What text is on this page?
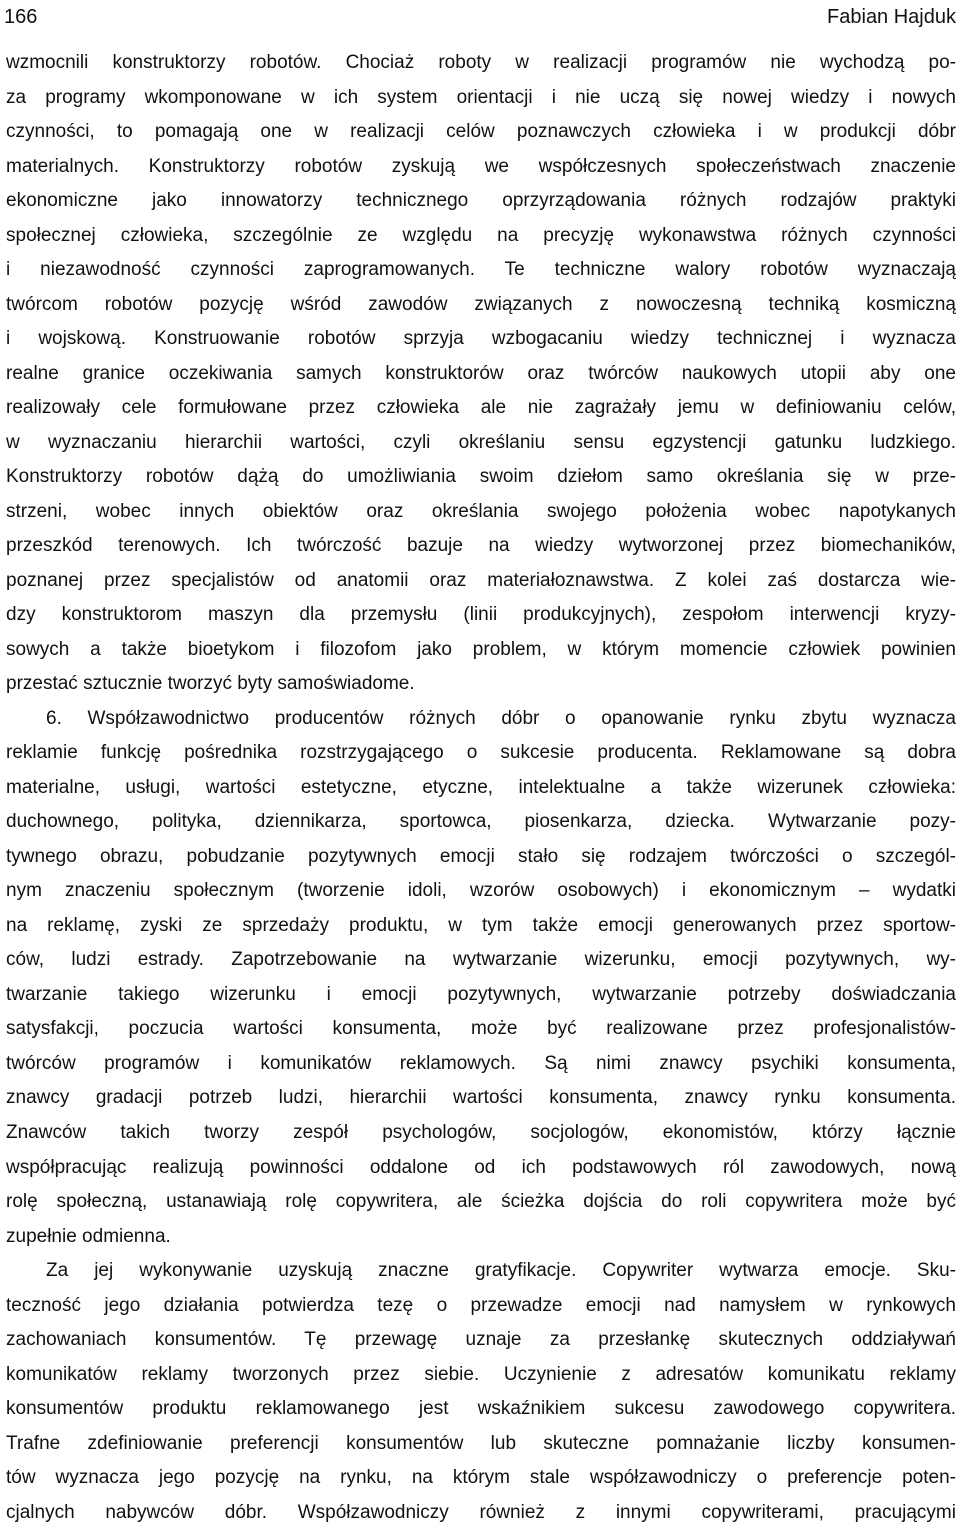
166	Fabian Hajduk
wzmocnili konstruktorzy robotów. Chociaż roboty w realizacji programów nie wychodzą po-
za programy wkomponowane w ich system orientacji i nie uczą się nowej wiedzy i nowych
czynności, to pomagają one w realizacji celów poznawczych człowieka i w produkcji dóbr
materialnych. Konstruktorzy robotów zyskują we współczesnych społeczeństwach znaczenie
ekonomiczne jako innowatorzy technicznego oprzyrządowania różnych rodzajów praktyki
społecznej człowieka, szczególnie ze względu na precyzję wykonawstwa różnych czynności
i niezawodność czynności zaprogramowanych. Te techniczne walory robotów wyznaczają
twórcom robotów pozycję wśród zawodów związanych z nowoczesną techniką kosmiczną
i wojskową. Konstruowanie robotów sprzyja wzbogacaniu wiedzy technicznej i wyznacza
realne granice oczekiwania samych konstruktorów oraz twórców naukowych utopii aby one
realizowały cele formułowane przez człowieka ale nie zagrażały jemu w definiowaniu celów,
w wyznaczaniu hierarchii wartości, czyli określaniu sensu egzystencji gatunku ludzkiego.
Konstruktorzy robotów dążą do umożliwiania swoim dziełom samo określania się w prze-
strzeni, wobec innych obiektów oraz określania swojego położenia wobec napotykanych
przeszkód terenowych. Ich twórczość bazuje na wiedzy wytworzonej przez biomechaników,
poznanej przez specjalistów od anatomii oraz materiałoznawstwa. Z kolei zaś dostarcza wie-
dzy konstruktorom maszyn dla przemysłu (linii produkcyjnych), zespołom interwencji kryzy-
sowych a także bioetykom i filozofom jako problem, w którym momencie człowiek powinien
przestać sztucznie tworzyć byty samoświadome.
6. Współzawodnictwo producentów różnych dóbr o opanowanie rynku zbytu wyznacza
reklamie funkcję pośrednika rozstrzygającego o sukcesie producenta. Reklamowane są dobra
materialne, usługi, wartości estetyczne, etyczne, intelektualne a także wizerunek człowieka:
duchownego, polityka, dziennikarza, sportowca, piosenkarza, dziecka. Wytwarzanie pozy-
tywnego obrazu, pobudzanie pozytywnych emocji stało się rodzajem twórczości o szczegól-
nym znaczeniu społecznym (tworzenie idoli, wzorów osobowych) i ekonomicznym – wydatki
na reklamę, zyski ze sprzedaży produktu, w tym także emocji generowanych przez sportow-
ców, ludzi estrady. Zapotrzebowanie na wytwarzanie wizerunku, emocji pozytywnych, wy-
twarzanie takiego wizerunku i emocji pozytywnych, wytwarzanie potrzeby doświadczania
satysfakcji, poczucia wartości konsumenta, może być realizowane przez profesjonalistów-
twórców programów i komunikatów reklamowych. Są nimi znawcy psychiki konsumenta,
znawcy gradacji potrzeb ludzi, hierarchii wartości konsumenta, znawcy rynku konsumenta.
Znawców takich tworzy zespół psychologów, socjologów, ekonomistów, którzy łącznie
współpracując realizują powinności oddalone od ich podstawowych ról zawodowych, nową
rolę społeczną, ustanawiają rolę copywritera, ale ścieżka dojścia do roli copywritera może być
zupełnie odmienna.
Za jej wykonywanie uzyskują znaczne gratyfikacje. Copywriter wytwarza emocje. Sku-
teczność jego działania potwierdza tezę o przewadze emocji nad namysłem w rynkowych
zachowaniach konsumentów. Tę przewagę uznaje za przesłankę skutecznych oddziaływań
komunikatów reklamy tworzonych przez siebie. Uczynienie z adresatów komunikatu reklamy
konsumentów produktu reklamowanego jest wskaźnikiem sukcesu zawodowego copywritera.
Trafne zdefiniowanie preferencji konsumentów lub skuteczne pomnażanie liczby konsumen-
tów wyznacza jego pozycję na rynku, na którym stale współzawodniczy o preferencje poten-
cjalnych nabywców dóbr. Współzawodniczy również z innymi copywriterami, pracującymi
